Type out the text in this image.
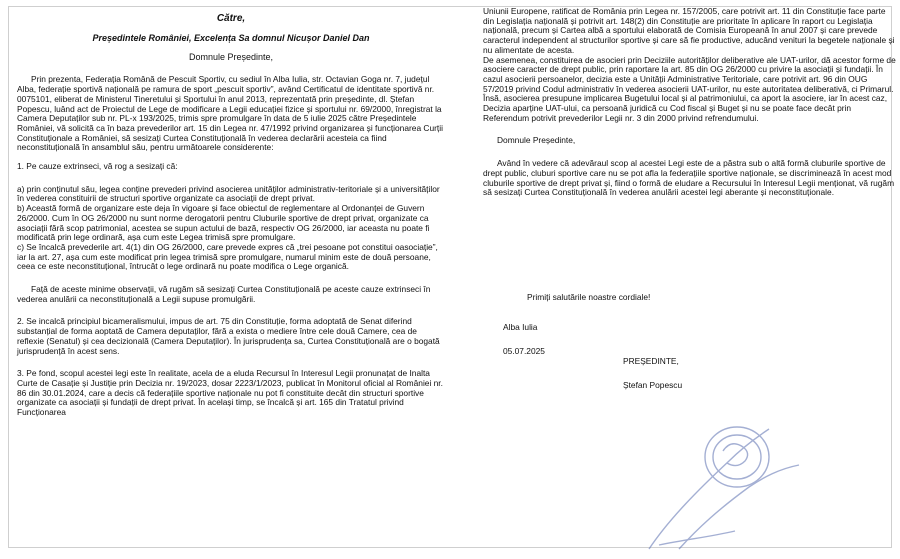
Către,

Președintele României, Excelența Sa domnul Nicușor Daniel Dan

Domnule Președinte,

Prin prezenta, Federația Română de Pescuit Sportiv, cu sediul în Alba Iulia, str. Octavian Goga nr. 7, județul Alba, federație sportivă națională pe ramura de sport „pescuit sportiv”, având Certificatul de identitate sportivă nr. 0075101, eliberat de Ministerul Tineretului și Sportului în anul 2013, reprezentată prin președinte, dl. Ștefan Popescu, luând act de Proiectul de Lege de modificare a Legii educației fizice și sportului nr. 69/2000, înregistrat la Camera Deputaților sub nr. PL-x 193/2025, trimis spre promulgare în data de 5 iulie 2025 către Președintele României, vă solicită ca în baza prevederilor art. 15 din Legea nr. 47/1992 privind organizarea și funcționarea Curții Constituționale a României, să sesizați Curtea Constituțională în vederea declarării acesteia ca fiind neconstituțională în ansamblul său, pentru următoarele considerente:

1. Pe cauze extrinseci, vă rog a sesizați că:

a) prin conținutul său, legea conține prevederi privind asocierea unităților administrativ-teritoriale și a universităților în vederea constituirii de structuri sportive organizate ca asociații de drept privat.

b) Această formă de organizare este deja în vigoare și face obiectul de reglementare al Ordonanței de Guvern 26/2000. Cum în OG 26/2000 nu sunt norme derogatorii pentru Cluburile sportive de drept privat, organizate ca asociații fără scop patrimonial, acestea se supun actului de bază, respectiv OG 26/2000, iar aceasta nu poate fi modificată prin lege ordinară, așa cum este Legea trimisă spre promulgare.

c) Se încalcă prevederile art. 4(1) din OG 26/2000, care prevede expres că „trei pesoane pot constitui oasociație”, iar la art. 27, așa cum este modificat prin legea trimisă spre promulgare, numarul minim este de două persoane, ceea ce este neconstituțional, întrucât o lege ordinară nu poate modifica o Lege organică.

Față de aceste minime observații, vă rugăm să sesizați Curtea Constituțională pe aceste cauze extrinseci în vederea anulării ca neconstituțională a Legii supuse promulgării.

2. Se incalcă principiul bicameralismului, impus de art. 75 din Constituție, forma adoptată de Senat diferind substanțial de forma aoptată de Camera deputaților, fără a exista o mediere între cele două Camere, cea de reflexie (Senatul) și cea decizională (Camera Deputaților). În jurisprudența sa, Curtea Constituțională are o bogată jurisprudență în acest sens.

3. Pe fond, scopul acestei legi este în realitate, acela de a eluda Recursul în Interesul Legii pronunațat de Inalta Curte de Casație și Justiție prin Decizia nr. 19/2023, dosar 2223/1/2023, publicat în Monitorul oficial al României nr. 86 din 30.01.2024, care a decis că federațiile sportive naționale nu pot fi constituite decât din structuri sportive organizate ca asociații și fundații de drept privat. În același timp, se încalcă și art. 165 din Tratatul privind Funcționarea

Uniunii Europene, ratificat de România prin Legea nr. 157/2005, care potrivit art. 11 din Constituție face parte din Legislația națională și potrivit art. 148(2) din Constituție are prioritate în aplicare în raport cu Legislația națională, precum și Cartea albă a sportului elaborată de Comisia Europeană în anul 2007 și care prevede caracterul independent al structurilor sportive și care să fie productive, aducând venituri la begetele naționale și nu alimentate de acesta.

De asemenea, constituirea de asocieri prin Deciziile autorităților deliberative ale UAT-urilor, dă acestor forme de asociere caracter de drept public, prin raportare la art. 85 din OG 26/2000 cu privire la asociații și fundații. În cazul asocierii persoanelor, decizia este a Unității Administrative Teritoriale, care potrivit art. 96 din OUG 57/2019 privind Codul administrativ în vederea asocierii UAT-urilor, nu este autoritatea deliberativă, ci Primarul. Însă, asocierea presupune implicarea Bugetului local și al patrimoniului, ca aport la asociere, iar în acest caz, Decizia aparține UAT-ului, ca persoană juridică cu Cod fiscal și Buget și nu se poate face decât prin Referendum potrivit prevederilor Legii nr. 3 din 2000 privind refrendumului.

Domnule Președinte,

Având în vedere că adevăraul scop al acestei Legi este de a păstra sub o altă formă cluburile sportive de drept public, cluburi sportive care nu se pot afla la federațiile sportive naționale, se discriminează în acest mod cluburile sportive de drept privat și, fiind o formă de eludare a Recursului în Interesul Legii menționat, vă rugăm să sesizați Curtea Constituțională în vederea anulării acestei legi aberante și neconstituționale.

Primiți salutările noastre cordiale!

Alba Iulia

05.07.2025

PREȘEDINTE,

Ștefan Popescu
